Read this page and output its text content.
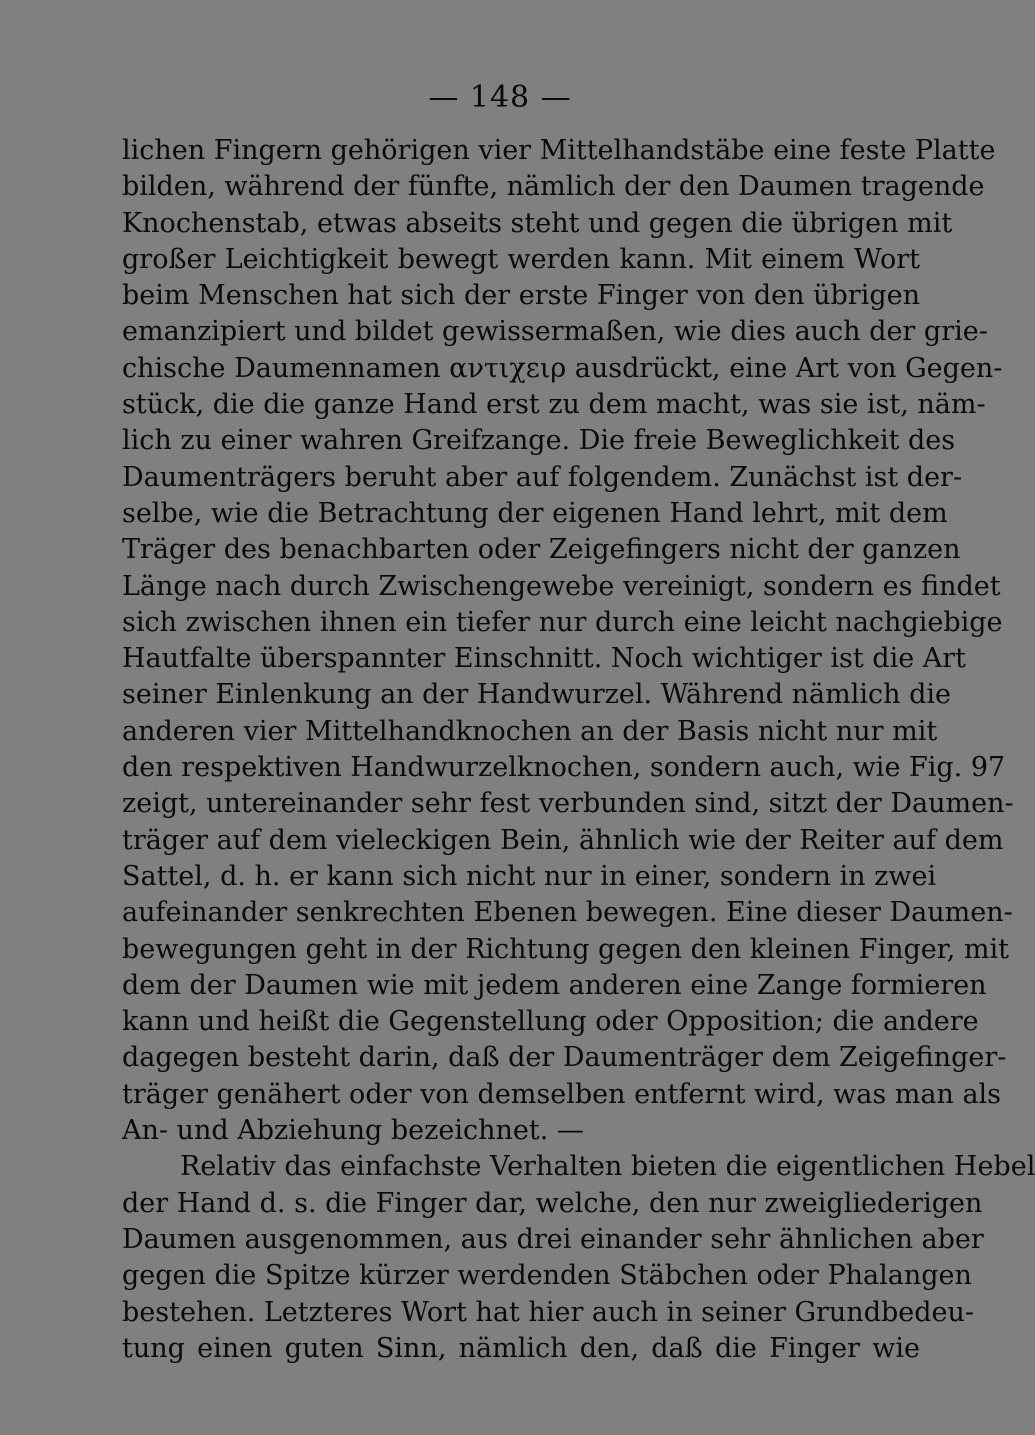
— 148 —
lichen Fingern gehörigen vier Mittelhandstäbe eine feste Platte
bilden, während der fünfte, nämlich der den Daumen tragende
Knochenstab, etwas abseits steht und gegen die übrigen mit
großer Leichtigkeit bewegt werden kann. Mit einem Wort
beim Menschen hat sich der erste Finger von den übrigen
emanzipiert und bildet gewissermaßen, wie dies auch der grie-
chische Daumennamen αντιχειρ ausdrückt, eine Art von Gegen-
stück, die die ganze Hand erst zu dem macht, was sie ist, näm-
lich zu einer wahren Greifzange. Die freie Beweglichkeit des
Daumenträgers beruht aber auf folgendem. Zunächst ist der-
selbe, wie die Betrachtung der eigenen Hand lehrt, mit dem
Träger des benachbarten oder Zeigefingers nicht der ganzen
Länge nach durch Zwischengewebe vereinigt, sondern es findet
sich zwischen ihnen ein tiefer nur durch eine leicht nachgiebige
Hautfalte überspannter Einschnitt. Noch wichtiger ist die Art
seiner Einlenkung an der Handwurzel. Während nämlich die
anderen vier Mittelhandknochen an der Basis nicht nur mit
den respektiven Handwurzelknochen, sondern auch, wie Fig. 97
zeigt, untereinander sehr fest verbunden sind, sitzt der Daumen-
träger auf dem vieleckigen Bein, ähnlich wie der Reiter auf dem
Sattel, d. h. er kann sich nicht nur in einer, sondern in zwei
aufeinander senkrechten Ebenen bewegen. Eine dieser Daumen-
bewegungen geht in der Richtung gegen den kleinen Finger, mit
dem der Daumen wie mit jedem anderen eine Zange formieren
kann und heißt die Gegenstellung oder Opposition; die andere
dagegen besteht darin, daß der Daumenträger dem Zeigefinger-
träger genähert oder von demselben entfernt wird, was man als
An- und Abziehung bezeichnet. —
Relativ das einfachste Verhalten bieten die eigentlichen Hebel
der Hand d. s. die Finger dar, welche, den nur zweigliederigen
Daumen ausgenommen, aus drei einander sehr ähnlichen aber
gegen die Spitze kürzer werdenden Stäbchen oder Phalangen
bestehen. Letzteres Wort hat hier auch in seiner Grundbedeu-
tung einen guten Sinn, nämlich den, daß die Finger wie
